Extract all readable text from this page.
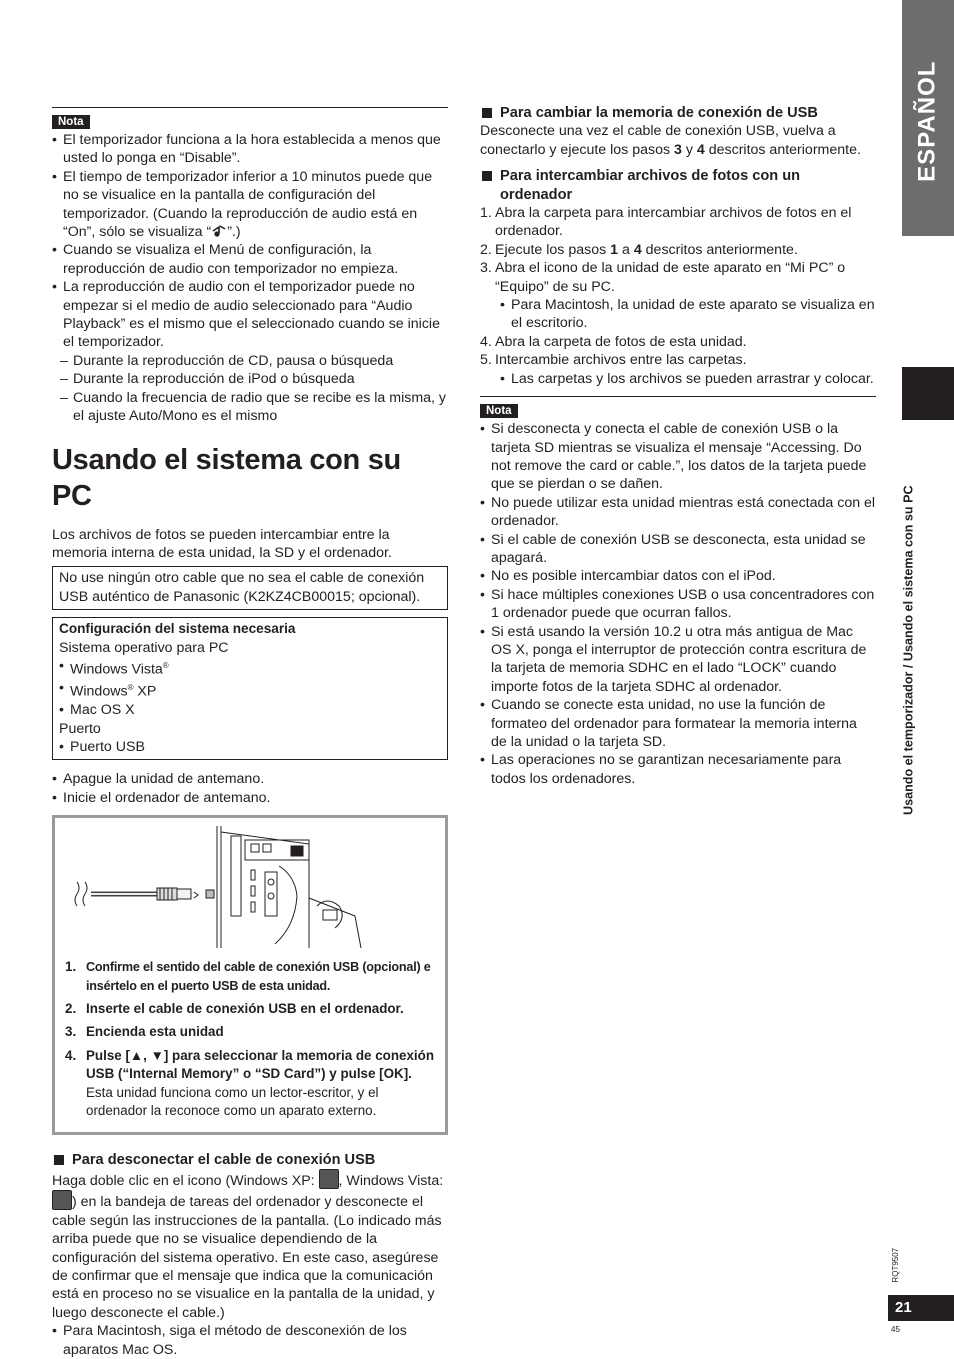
ESPAÑOL
Usando el temporizador / Usando el sistema con su PC
RQT9507
21
45
Nota
• El temporizador funciona a la hora establecida a menos que usted lo ponga en “Disable”.
• El tiempo de temporizador inferior a 10 minutos puede que no se visualice en la pantalla de configuración del temporizador. (Cuando la reproducción de audio está en “On”, sólo se visualiza “ ”.)
• Cuando se visualiza el Menú de configuración, la reproducción de audio con temporizador no empieza.
• La reproducción de audio con el temporizador puede no empezar si el medio de audio seleccionado para “Audio Playback” es el mismo que el seleccionado cuando se inicie el temporizador.
– Durante la reproducción de CD, pausa o búsqueda
– Durante la reproducción de iPod o búsqueda
– Cuando la frecuencia de radio que se recibe es la misma, y el ajuste Auto/Mono es el mismo
Usando el sistema con su PC

Los archivos de fotos se pueden intercambiar entre la memoria interna de esta unidad, la SD y el ordenador.

No use ningún otro cable que no sea el cable de conexión USB auténtico de Panasonic (K2KZ4CB00015; opcional).

Configuración del sistema necesaria

Sistema operativo para PC

• Windows Vista®

• Windows® XP

• Mac OS X

Puerto

• Puerto USB

• Apague la unidad de antemano.
• Inicie el ordenador de antemano.
1. Confirme el sentido del cable de conexión USB (opcional) e insértelo en el puerto USB de esta unidad.
2. Inserte el cable de conexión USB en el ordenador.
3. Encienda esta unidad
4. Pulse [▲, ▼] para seleccionar la memoria de conexión USB (“Internal Memory” o “SD Card”) y pulse [OK].
Esta unidad funciona como un lector-escritor, y el ordenador la reconoce como un aparato externo.

Para desconectar el cable de conexión USB

Haga doble clic en el icono (Windows XP: , Windows Vista: ) en la bandeja de tareas del ordenador y desconecte el cable según las instrucciones de la pantalla. (Lo indicado más arriba puede que no se visualice dependiendo de la configuración del sistema operativo. En este caso, asegúrese de confirmar que el mensaje que indica que la comunicación está en proceso no se visualice en la pantalla de la unidad, y luego desconecte el cable.)

• Para Macintosh, siga el método de desconexión de los aparatos Mac OS.

Para cambiar la memoria de conexión de USB

Desconecte una vez el cable de conexión USB, vuelva a conectarlo y ejecute los pasos 3 y 4 descritos anteriormente.

Para intercambiar archivos de fotos con un ordenador

1. Abra la carpeta para intercambiar archivos de fotos en el ordenador.
2. Ejecute los pasos 1 a 4 descritos anteriormente.
3. Abra el icono de la unidad de este aparato en “Mi PC” o “Equipo” de su PC.

• Para Macintosh, la unidad de este aparato se visualiza en el escritorio.

4. Abra la carpeta de fotos de esta unidad.
5. Intercambie archivos entre las carpetas.

• Las carpetas y los archivos se pueden arrastrar y colocar.

Nota
• Si desconecta y conecta el cable de conexión USB o la tarjeta SD mientras se visualiza el mensaje “Accessing. Do not remove the card or cable.”, los datos de la tarjeta puede que se pierdan o se dañen.
• No puede utilizar esta unidad mientras está conectada con el ordenador.
• Si el cable de conexión USB se desconecta, esta unidad se apagará.
• No es posible intercambiar datos con el iPod.
• Si hace múltiples conexiones USB o usa concentradores con 1 ordenador puede que ocurran fallos.
• Si está usando la versión 10.2 u otra más antigua de Mac OS X, ponga el interruptor de protección contra escritura de la tarjeta de memoria SDHC en el lado “LOCK” cuando importe fotos de la tarjeta SDHC al ordenador.
• Cuando se conecte esta unidad, no use la función de formateo del ordenador para formatear la memoria interna de la unidad o la tarjeta SD.
• Las operaciones no se garantizan necesariamente para todos los ordenadores.
